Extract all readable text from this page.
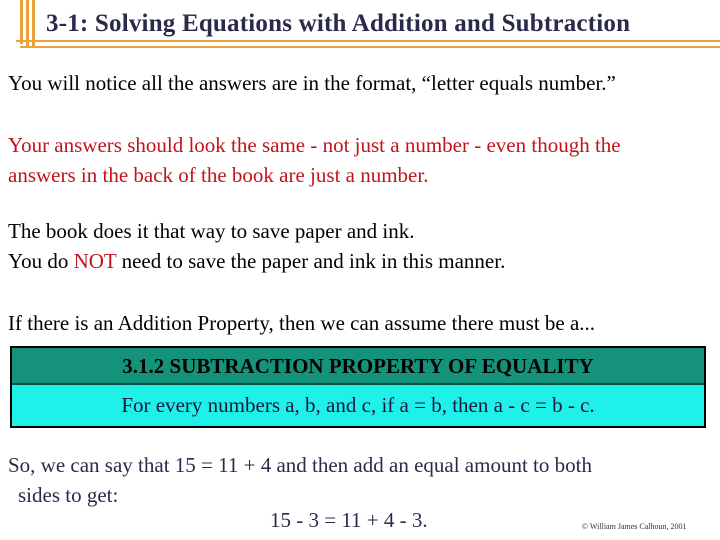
3-1: Solving Equations with Addition and Subtraction
You will notice all the answers are in the format, “letter equals number.”
Your answers should look the same - not just a number - even though the
answers in the back of the book are just a number.
The book does it that way to save paper and ink.
You do NOT need to save the paper and ink in this manner.
If there is an Addition Property, then we can assume there must be a...
3.1.2 SUBTRACTION PROPERTY OF EQUALITY
For every numbers a, b, and c, if a = b, then a - c = b - c.
So, we can say that 15 = 11 + 4 and then add an equal amount to both
sides to get:
15 - 3 = 11 + 4 - 3.	© William James Calhoun, 2001
